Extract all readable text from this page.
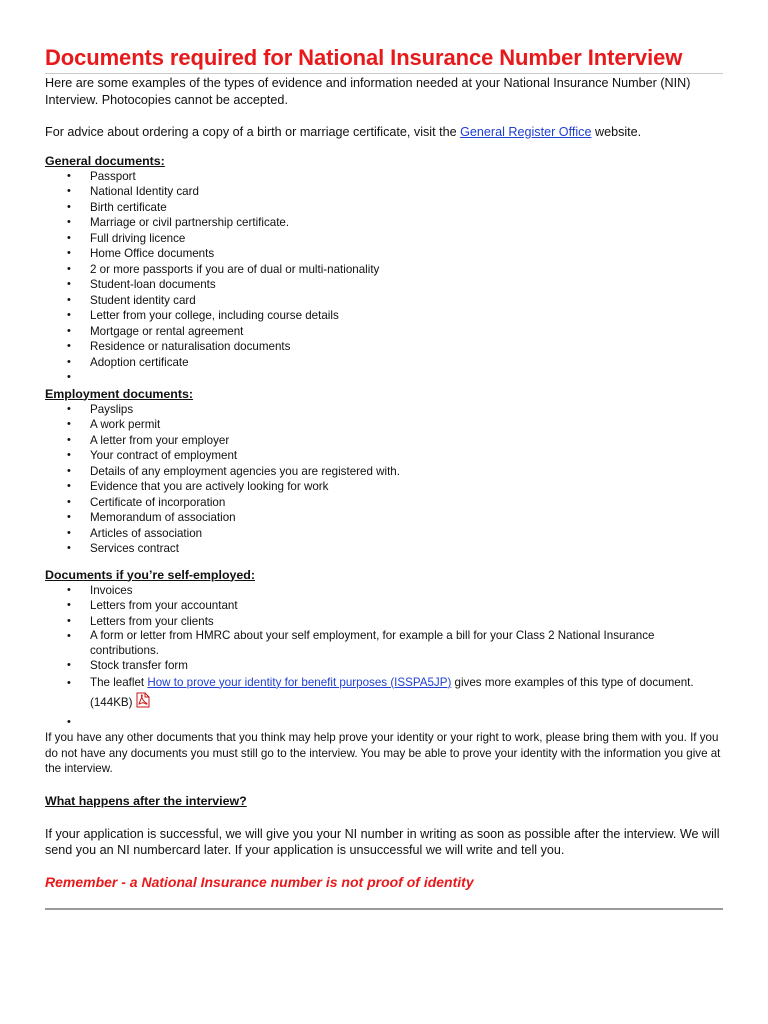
Documents required for National Insurance Number Interview

Here are some examples of the types of evidence and information needed at your National Insurance Number (NIN) Interview. Photocopies cannot be accepted.

For advice about ordering a copy of a birth or marriage certificate, visit the General Register Office website.

General documents:

• Passport
• National Identity card
• Birth certificate
• Marriage or civil partnership certificate.
• Full driving licence
• Home Office documents
• 2 or more passports if you are of dual or multi-nationality
• Student-loan documents
• Student identity card
• Letter from your college, including course details
• Mortgage or rental agreement
• Residence or naturalisation documents
• Adoption certificate
•

Employment documents:

• Payslips
• A work permit
• A letter from your employer
• Your contract of employment
• Details of any employment agencies you are registered with.
• Evidence that you are actively looking for work
• Certificate of incorporation
• Memorandum of association
• Articles of association
• Services contract

Documents if you’re self-employed:

• Invoices
• Letters from your accountant
• Letters from your clients
• A form or letter from HMRC about your self employment, for example a bill for your Class 2 National Insurance contributions.
• Stock transfer form
• The leaflet How to prove your identity for benefit purposes (ISSPA5JP) gives more examples of this type of document. (144KB)
•

If you have any other documents that you think may help prove your identity or your right to work, please bring them with you. If you do not have any documents you must still go to the interview. You may be able to prove your identity with the information you give at the interview.

What happens after the interview?

If your application is successful, we will give you your NI number in writing as soon as possible after the interview. We will send you an NI numbercard later. If your application is unsuccessful we will write and tell you.

Remember - a National Insurance number is not proof of identity
